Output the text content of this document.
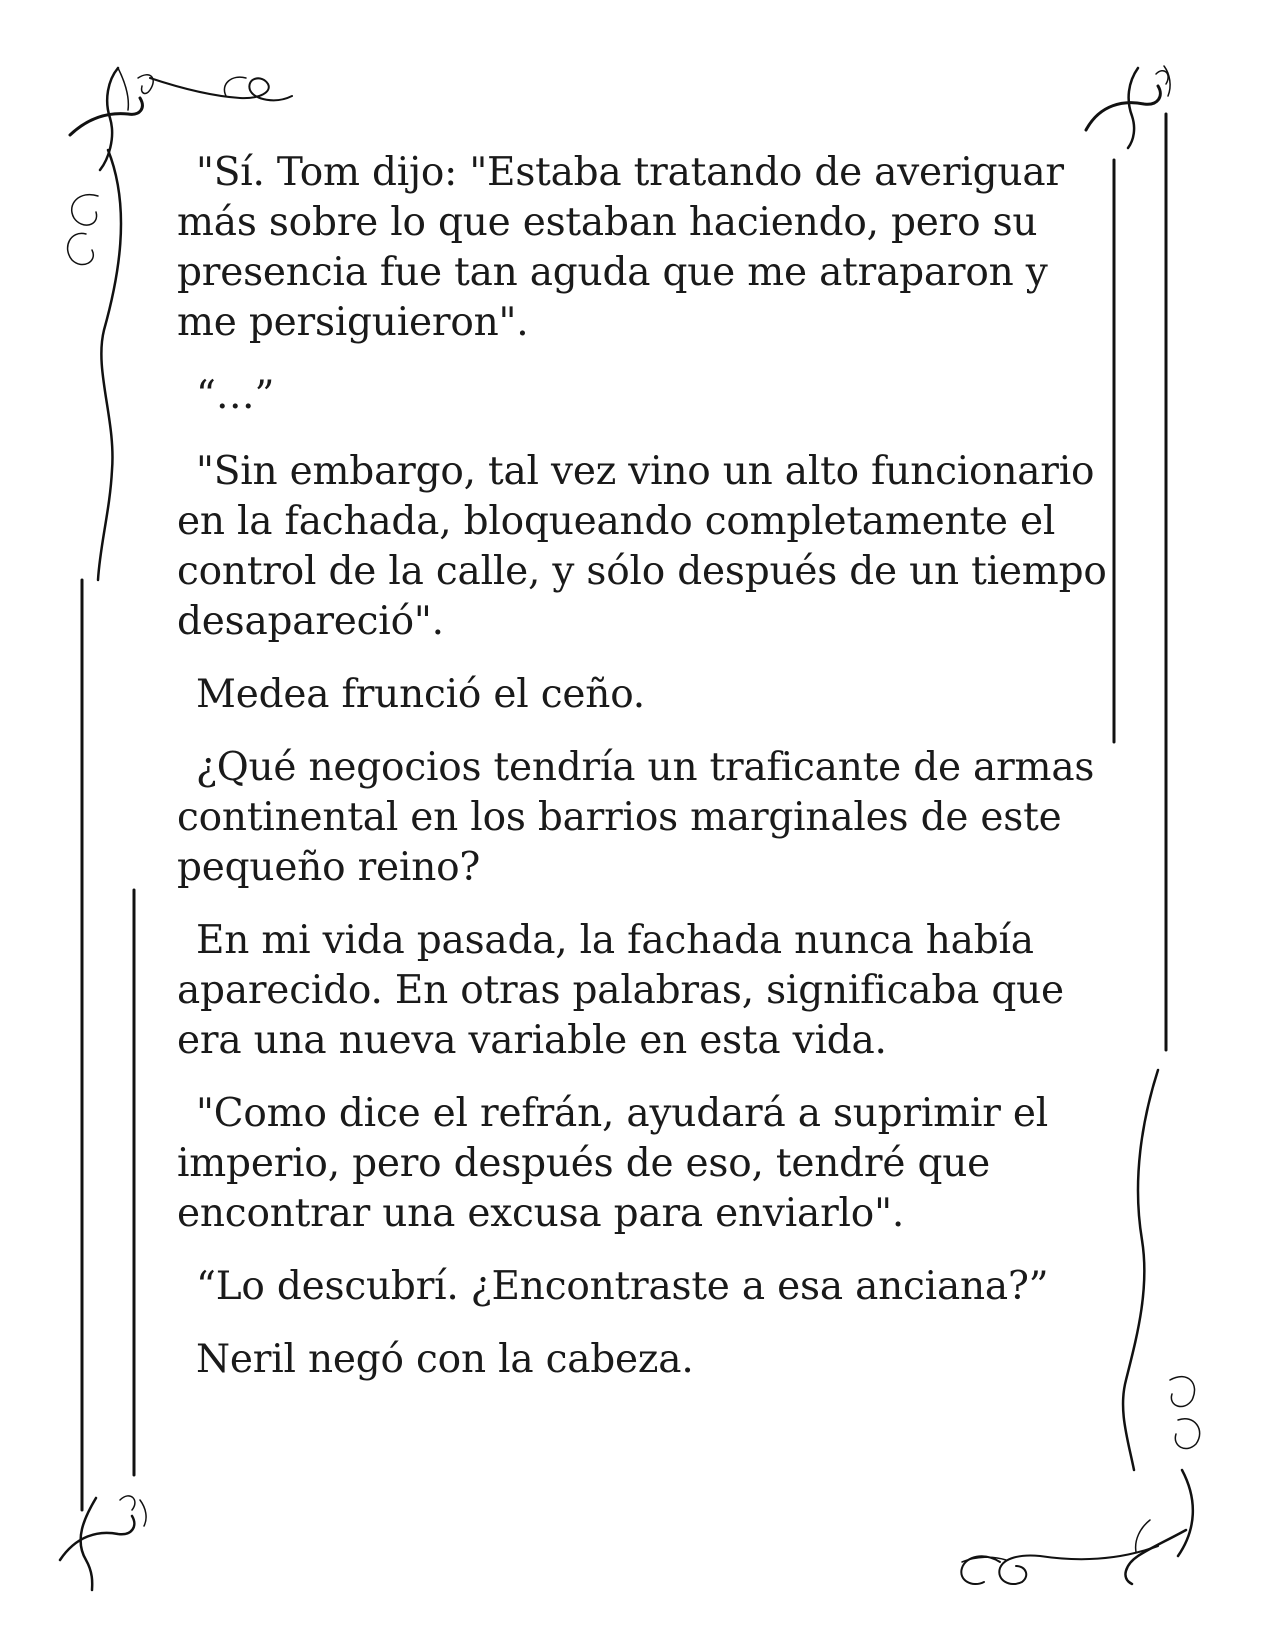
"Sí. Tom dijo: "Estaba tratando de averiguar más sobre lo que estaban haciendo, pero su presencia fue tan aguda que me atraparon y me persiguieron".

“…”

"Sin embargo, tal vez vino un alto funcionario en la fachada, bloqueando completamente el control de la calle, y sólo después de un tiempo desapareció".

Medea frunció el ceño.

¿Qué negocios tendría un traficante de armas continental en los barrios marginales de este pequeño reino?

En mi vida pasada, la fachada nunca había aparecido. En otras palabras, significaba que era una nueva variable en esta vida.

"Como dice el refrán, ayudará a suprimir el imperio, pero después de eso, tendré que encontrar una excusa para enviarlo".

“Lo descubrí. ¿Encontraste a esa anciana?”

Neril negó con la cabeza.
